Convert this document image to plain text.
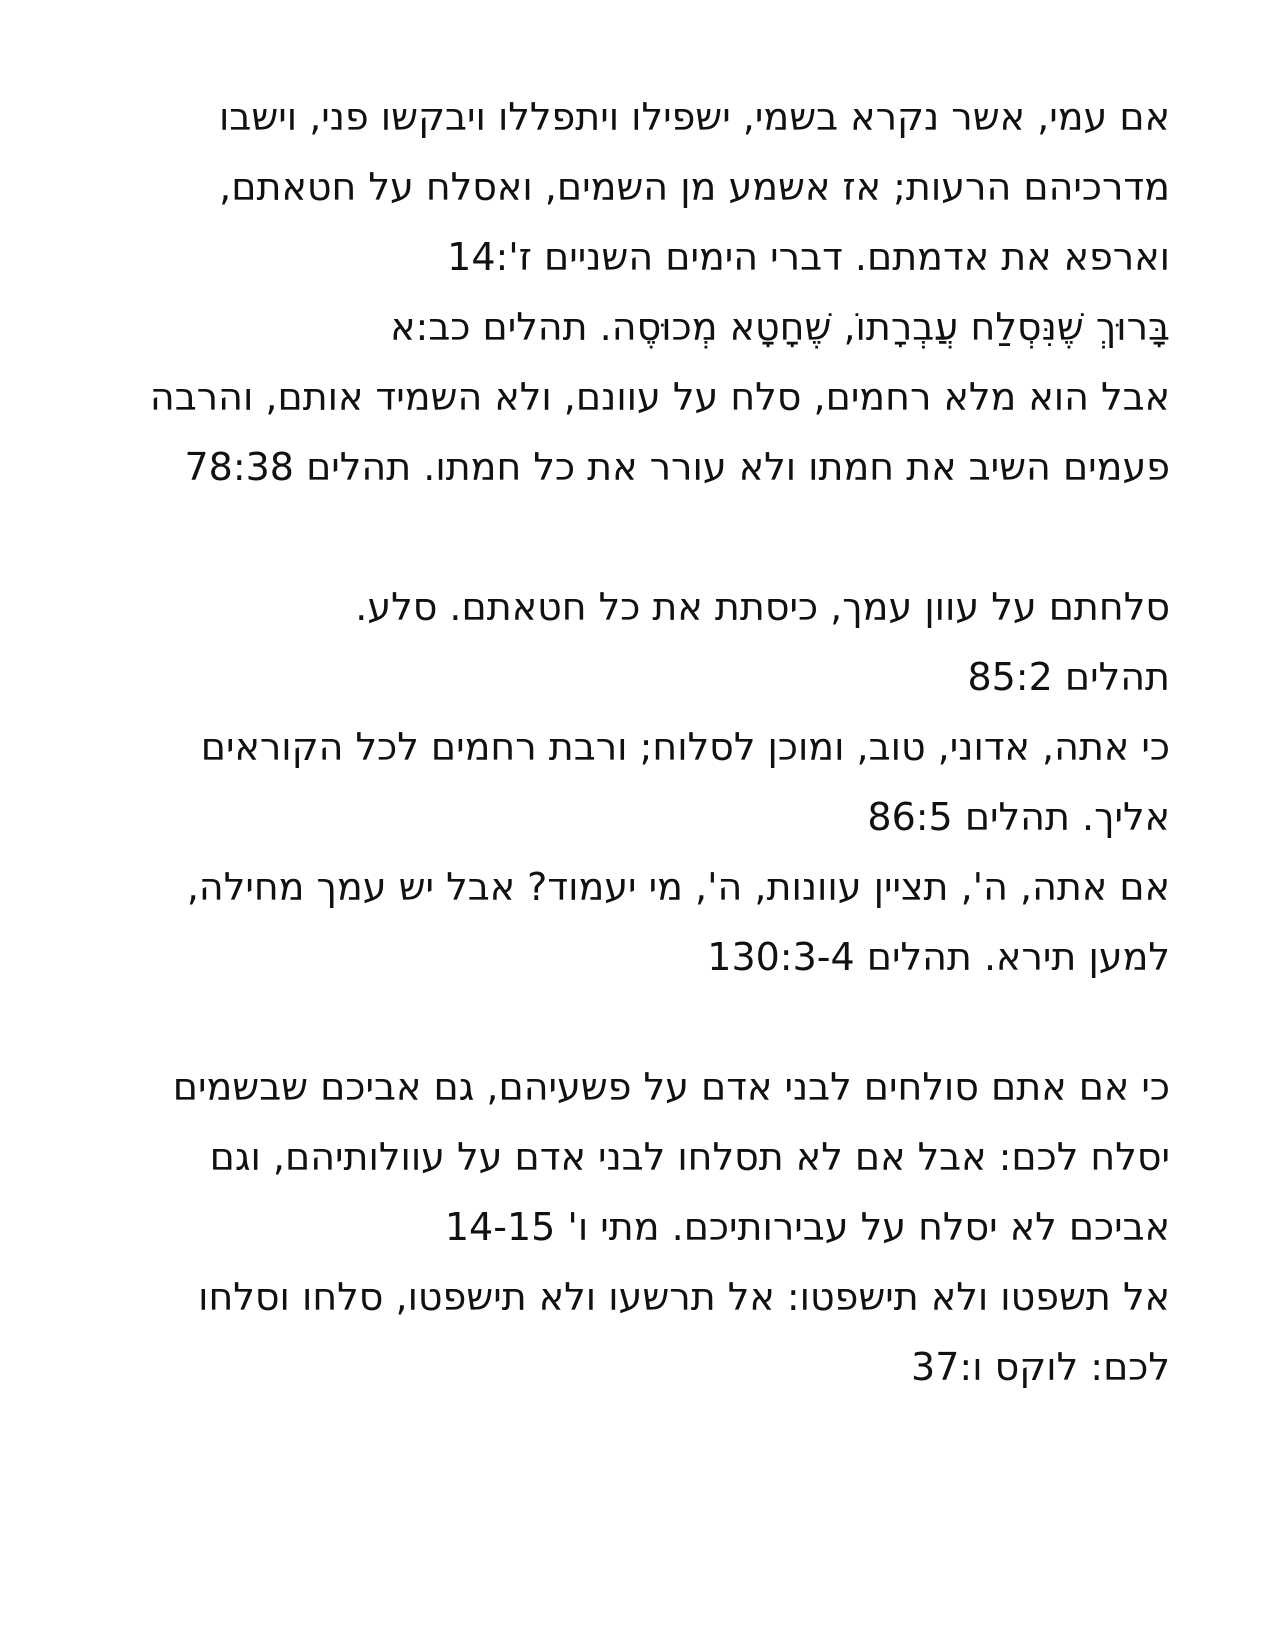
אם עמי, אשר נקרא בשמי, ישפילו ויתפללו ויבקשו פני, וישבו
מדרכיהם הרעות; אז אשמע מן השמים, ואסלח על חטאתם,
וארפא את אדמתם. דברי הימים השניים ז':14
בָּרוּךְ שֶׁנִּסְלַח עֲבְרָתוֹ, שֶׁחָטָא מְכוּסֶה. תהלים כב:א
אבל הוא מלא רחמים, סלח על עוונם, ולא השמיד אותם, והרבה
פעמים השיב את חמתו ולא עורר את כל חמתו. תהלים 78:38
סלחתם על עוון עמך, כיסתת את כל חטאתם. סלע.
תהלים 85:2
כי אתה, אדוני, טוב, ומוכן לסלוח; ורבת רחמים לכל הקוראים
אליך. תהלים 86:5
אם אתה, ה', תציין עוונות, ה', מי יעמוד? אבל יש עמך מחילה,
למען תירא. תהלים 130:3-4
כי אם אתם סולחים לבני אדם על פשעיהם, גם אביכם שבשמים
יסלח לכם: אבל אם לא תסלחו לבני אדם על עוולותיהם, וגם
אביכם לא יסלח על עבירותיכם. מתי ו' 14-15
אל תשפטו ולא תישפטו: אל תרשעו ולא תישפטו, סלחו וסלחו
לכם: לוקס ו:37
